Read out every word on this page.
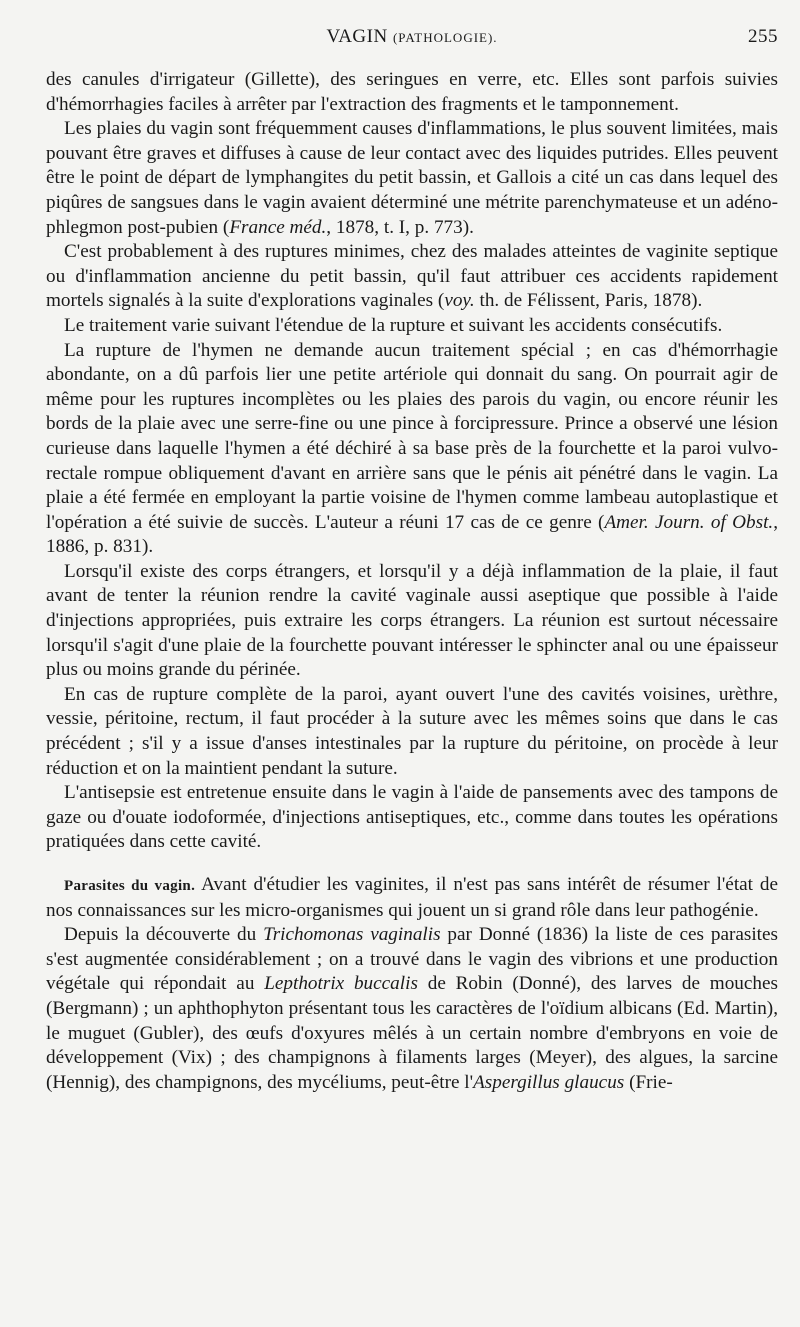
VAGIN (PATHOLOGIE).	255

des canules d'irrigateur (Gillette), des seringues en verre, etc. Elles sont parfois suivies d'hémorrhagies faciles à arrêter par l'extraction des fragments et le tamponnement.

Les plaies du vagin sont fréquemment causes d'inflammations, le plus souvent limitées, mais pouvant être graves et diffuses à cause de leur contact avec des liquides putrides. Elles peuvent être le point de départ de lymphangites du petit bassin, et Gallois a cité un cas dans lequel des piqûres de sangsues dans le vagin avaient déterminé une métrite parenchymateuse et un adéno-phlegmon post-pubien (France méd., 1878, t. I, p. 773).

C'est probablement à des ruptures minimes, chez des malades atteintes de vaginite septique ou d'inflammation ancienne du petit bassin, qu'il faut attribuer ces accidents rapidement mortels signalés à la suite d'explorations vaginales (voy. th. de Félissent, Paris, 1878).

Le traitement varie suivant l'étendue de la rupture et suivant les accidents consécutifs.

La rupture de l'hymen ne demande aucun traitement spécial ; en cas d'hémorrhagie abondante, on a dû parfois lier une petite artériole qui donnait du sang. On pourrait agir de même pour les ruptures incomplètes ou les plaies des parois du vagin, ou encore réunir les bords de la plaie avec une serre-fine ou une pince à forcipressure. Prince a observé une lésion curieuse dans laquelle l'hymen a été déchiré à sa base près de la fourchette et la paroi vulvo-rectale rompue obliquement d'avant en arrière sans que le pénis ait pénétré dans le vagin. La plaie a été fermée en employant la partie voisine de l'hymen comme lambeau autoplastique et l'opération a été suivie de succès. L'auteur a réuni 17 cas de ce genre (Amer. Journ. of Obst., 1886, p. 831).

Lorsqu'il existe des corps étrangers, et lorsqu'il y a déjà inflammation de la plaie, il faut avant de tenter la réunion rendre la cavité vaginale aussi aseptique que possible à l'aide d'injections appropriées, puis extraire les corps étrangers. La réunion est surtout nécessaire lorsqu'il s'agit d'une plaie de la fourchette pouvant intéresser le sphincter anal ou une épaisseur plus ou moins grande du périnée.

En cas de rupture complète de la paroi, ayant ouvert l'une des cavités voisines, urèthre, vessie, péritoine, rectum, il faut procéder à la suture avec les mêmes soins que dans le cas précédent ; s'il y a issue d'anses intestinales par la rupture du péritoine, on procède à leur réduction et on la maintient pendant la suture.

L'antisepsie est entretenue ensuite dans le vagin à l'aide de pansements avec des tampons de gaze ou d'ouate iodoformée, d'injections antiseptiques, etc., comme dans toutes les opérations pratiquées dans cette cavité.

Parasites du vagin. Avant d'étudier les vaginites, il n'est pas sans intérêt de résumer l'état de nos connaissances sur les micro-organismes qui jouent un si grand rôle dans leur pathogénie.

Depuis la découverte du Trichomonas vaginalis par Donné (1836) la liste de ces parasites s'est augmentée considérablement ; on a trouvé dans le vagin des vibrions et une production végétale qui répondait au Lepthotrix buccalis de Robin (Donné), des larves de mouches (Bergmann) ; un aphthophyton présentant tous les caractères de l'oïdium albicans (Ed. Martin), le muguet (Gubler), des œufs d'oxyures mêlés à un certain nombre d'embryons en voie de développement (Vix) ; des champignons à filaments larges (Meyer), des algues, la sarcine (Hennig), des champignons, des mycéliums, peut-être l'Aspergillus glaucus (Frie-
